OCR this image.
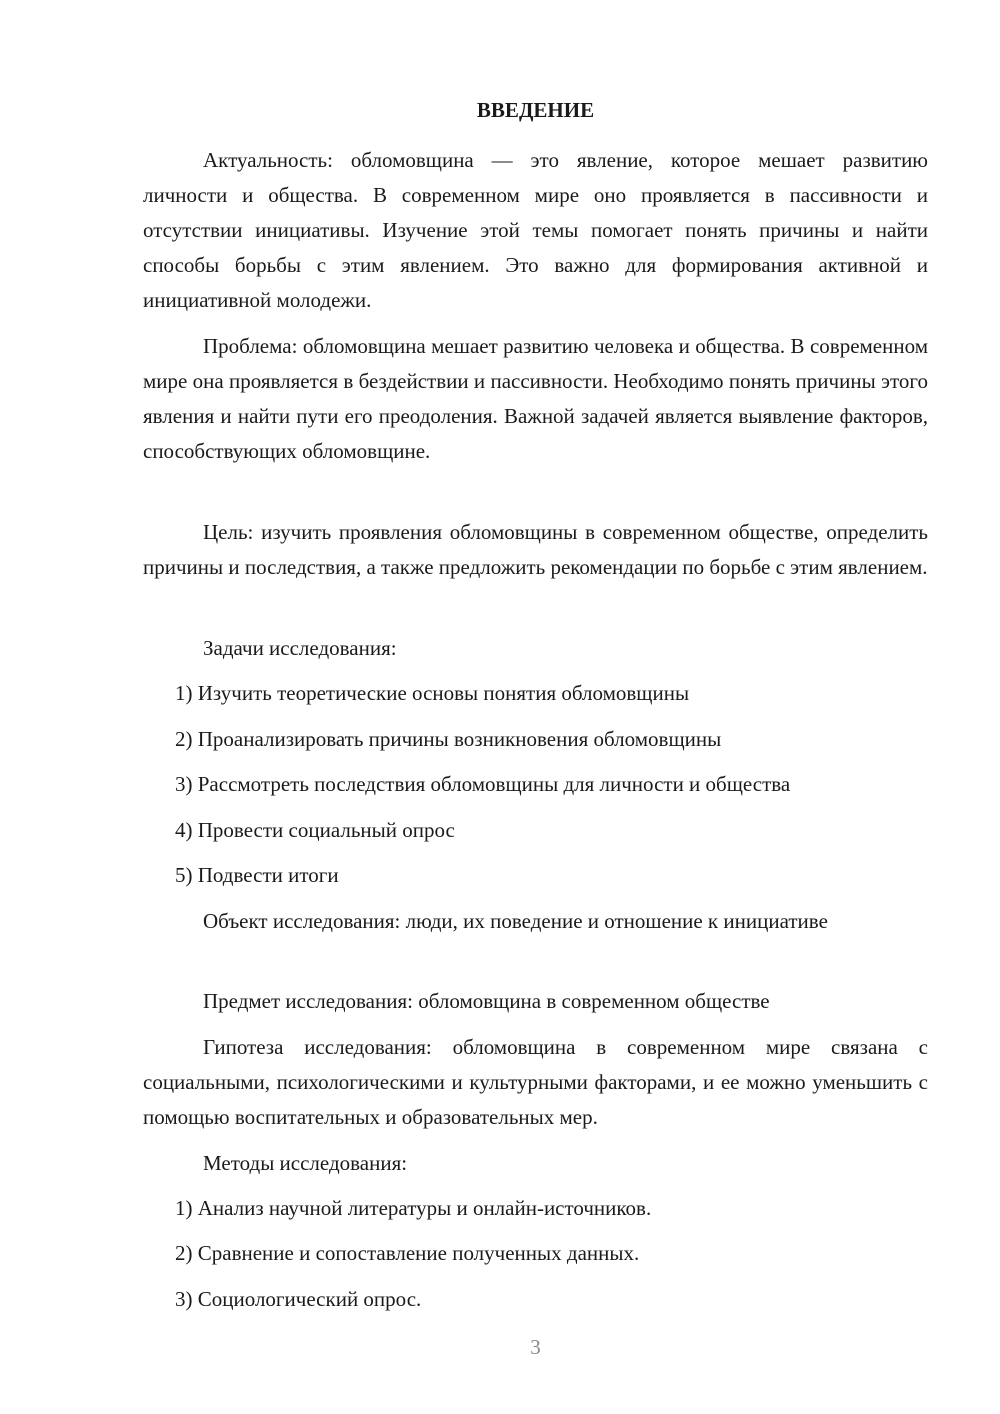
ВВЕДЕНИЕ

Актуальность: обломовщина — это явление, которое мешает развитию личности и общества. В современном мире оно проявляется в пассивности и отсутствии инициативы. Изучение этой темы помогает понять причины и найти способы борьбы с этим явлением. Это важно для формирования активной и инициативной молодежи.

Проблема: обломовщина мешает развитию человека и общества. В современном мире она проявляется в бездействии и пассивности. Необходимо понять причины этого явления и найти пути его преодоления. Важной задачей является выявление факторов, способствующих обломовщине.

Цель: изучить проявления обломовщины в современном обществе, определить причины и последствия, а также предложить рекомендации по борьбе с этим явлением.

Задачи исследования:

1) Изучить теоретические основы понятия обломовщины

2) Проанализировать причины возникновения обломовщины

3) Рассмотреть последствия обломовщины для личности и общества

4) Провести социальный опрос

5) Подвести итоги

Объект исследования: люди, их поведение и отношение к инициативе

Предмет исследования: обломовщина в современном обществе

Гипотеза исследования: обломовщина в современном мире связана с социальными, психологическими и культурными факторами, и ее можно уменьшить с помощью воспитательных и образовательных мер.

Методы исследования:

1) Анализ научной литературы и онлайн-источников.

2) Сравнение и сопоставление полученных данных.

3) Социологический опрос.

3
